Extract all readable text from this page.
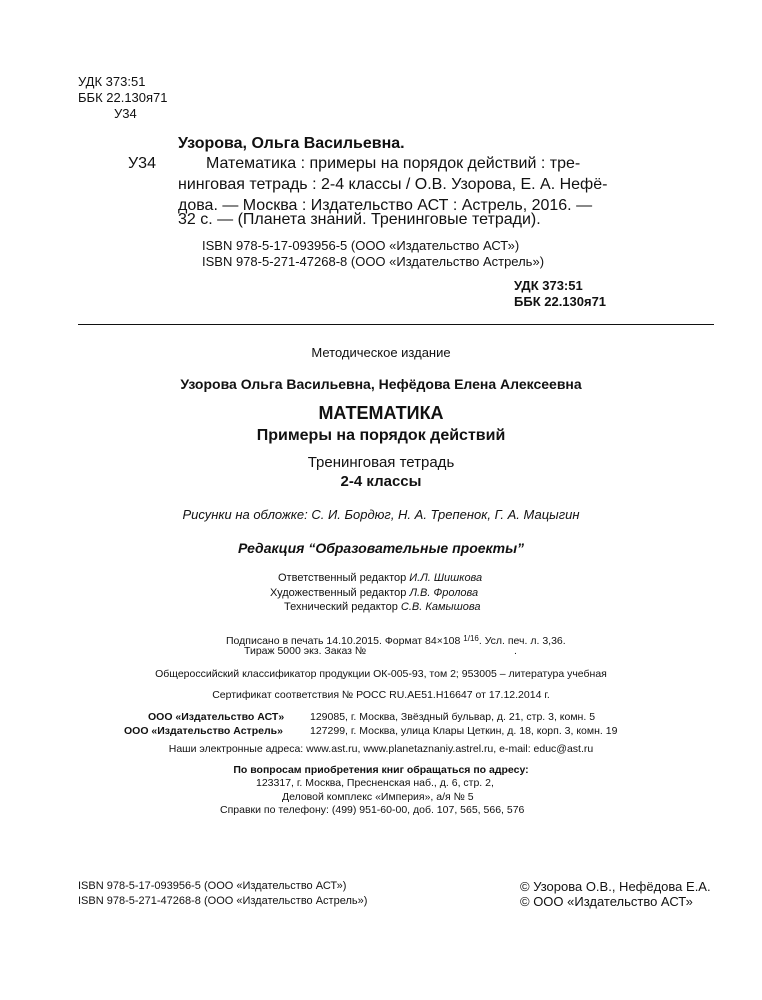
УДК 373:51
ББК 22.130я71
У34
Узорова, Ольга Васильевна.
У34	Математика : примеры на порядок действий : тре-
нинговая тетрадь : 2-4 классы / О.В. Узорова, Е. А. Нефё-
дова. — Москва : Издательство АСТ : Астрель, 2016. —
32 с. — (Планета знаний. Тренинговые тетради).
ISBN 978-5-17-093956-5 (ООО «Издательство АСТ»)
ISBN 978-5-271-47268-8 (ООО «Издательство Астрель»)
УДК 373:51
ББК 22.130я71
Методическое издание
Узорова Ольга Васильевна, Нефёдова Елена Алексеевна
МАТЕМАТИКА
Примеры на порядок действий
Тренинговая тетрадь
2-4 классы
Рисунки на обложке: С. И. Бордюг, Н. А. Трепенок, Г. А. Мацыгин
Редакция “Образовательные проекты”
Ответственный редактор И.Л. Шишкова
Художественный редактор Л.В. Фролова
Технический редактор С.В. Камышова
Подписано в печать 14.10.2015. Формат 84×108 $^{1/16}$. Усл. печ. л. 3,36.
Тираж 5000 экз. Заказ №	.
Общероссийский классификатор продукции ОК-005-93, том 2; 953005 – литература учебная
Сертификат соответствия № РОСС RU.AE51.H16647 от 17.12.2014 г.
ООО «Издательство АСТ» 129085, г. Москва, Звёздный бульвар, д. 21, стр. 3, комн. 5
ООО «Издательство Астрель»	127299, г. Москва, улица Клары Цеткин, д. 18, корп. 3, комн. 19
Наши электронные адреса: www.ast.ru, www.planetaznaniy.astrel.ru, e-mail: educ@ast.ru
По вопросам приобретения книг обращаться по адресу:
123317, г. Москва, Пресненская наб., д. 6, стр. 2,
Деловой комплекс «Империя», а/я № 5
Справки по телефону: (499) 951-60-00, доб. 107, 565, 566, 576
ISBN 978-5-17-093956-5 (ООО «Издательство АСТ»)
ISBN 978-5-271-47268-8 (ООО «Издательство Астрель»)
© Узорова О.В., Нефёдова Е.А.
© ООО «Издательство АСТ»
